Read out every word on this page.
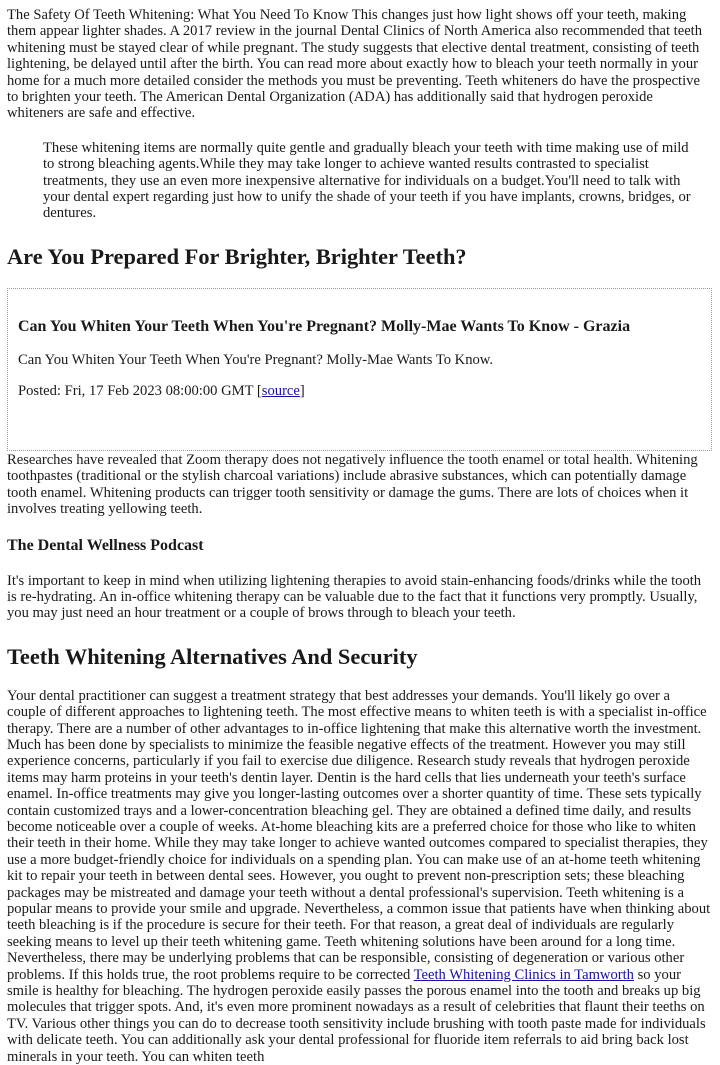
The Safety Of Teeth Whitening: What You Need To Know This changes just how light shows off your teeth, making them appear lighter shades. A 2017 review in the journal Dental Clinics of North America also recommended that teeth whitening must be stayed clear of while pregnant. The study suggests that elective dental treatment, consisting of teeth lightening, be delayed until after the birth. You can read more about exactly how to bleach your teeth normally in your home for a much more detailed consider the methods you must be preventing. Teeth whiteners do have the prospective to brighten your teeth. The American Dental Organization (ADA) has additionally said that hydrogen peroxide whiteners are safe and effective.

These whitening items are normally quite gentle and gradually bleach your teeth with time making use of mild to strong bleaching agents.While they may take longer to achieve wanted results contrasted to specialist treatments, they use an even more inexpensive alternative for individuals on a budget.You'll need to talk with your dental expert regarding just how to unify the shade of your teeth if you have implants, crowns, bridges, or dentures.
Are You Prepared For Brighter, Brighter Teeth?
Can You Whiten Your Teeth When You're Pregnant? Molly-Mae Wants To Know - Grazia

Can You Whiten Your Teeth When You're Pregnant? Molly-Mae Wants To Know.

Posted: Fri, 17 Feb 2023 08:00:00 GMT [source]

Researches have revealed that Zoom therapy does not negatively influence the tooth enamel or total health. Whitening toothpastes (traditional or the stylish charcoal variations) include abrasive substances, which can potentially damage tooth enamel. Whitening products can trigger tooth sensitivity or damage the gums. There are lots of choices when it involves treating yellowing teeth.

The Dental Wellness Podcast

It's important to keep in mind when utilizing lightening therapies to avoid stain-enhancing foods/drinks while the tooth is re-hydrating. An in-office whitening therapy can be valuable due to the fact that it functions very promptly. Usually, you may just need an hour treatment or a couple of brows through to bleach your teeth.

Teeth Whitening Alternatives And Security

Your dental practitioner can suggest a treatment strategy that best addresses your demands. You'll likely go over a couple of different approaches to lightening teeth. The most effective means to whiten teeth is with a specialist in-office therapy. There are a number of other advantages to in-office lightening that make this alternative worth the investment. Much has been done by specialists to minimize the feasible negative effects of the treatment. However you may still experience concerns, particularly if you fail to exercise due diligence. Research study reveals that hydrogen peroxide items may harm proteins in your teeth's dentin layer. Dentin is the hard cells that lies underneath your teeth's surface enamel. In-office treatments may give you longer-lasting outcomes over a shorter quantity of time. These sets typically contain customized trays and a lower-concentration bleaching gel. They are obtained a defined time daily, and results become noticeable over a couple of weeks. At-home bleaching kits are a preferred choice for those who like to whiten their teeth in their home. While they may take longer to achieve wanted outcomes compared to specialist therapies, they use a more budget-friendly choice for individuals on a spending plan. You can make use of an at-home teeth whitening kit to repair your teeth in between dental sees. However, you ought to prevent non-prescription sets; these bleaching packages may be mistreated and damage your teeth without a dental professional's supervision. Teeth whitening is a popular means to provide your smile and upgrade. Nevertheless, a common issue that patients have when thinking about teeth bleaching is if the procedure is secure for their teeth. For that reason, a great deal of individuals are regularly seeking means to level up their teeth whitening game. Teeth whitening solutions have been around for a long time. Nevertheless, there may be underlying problems that can be responsible, consisting of degeneration or various other problems. If this holds true, the root problems require to be corrected Teeth Whitening Clinics in Tamworth so your smile is healthy for bleaching. The hydrogen peroxide easily passes the porous enamel into the tooth and breaks up big molecules that trigger spots. And, it's even more prominent nowadays as a result of celebrities that flaunt their teeths on TV. Various other things you can do to decrease tooth sensitivity include brushing with tooth paste made for individuals with delicate teeth. You can additionally ask your dental professional for fluoride item referrals to aid bring back lost minerals in your teeth. You can whiten teeth
